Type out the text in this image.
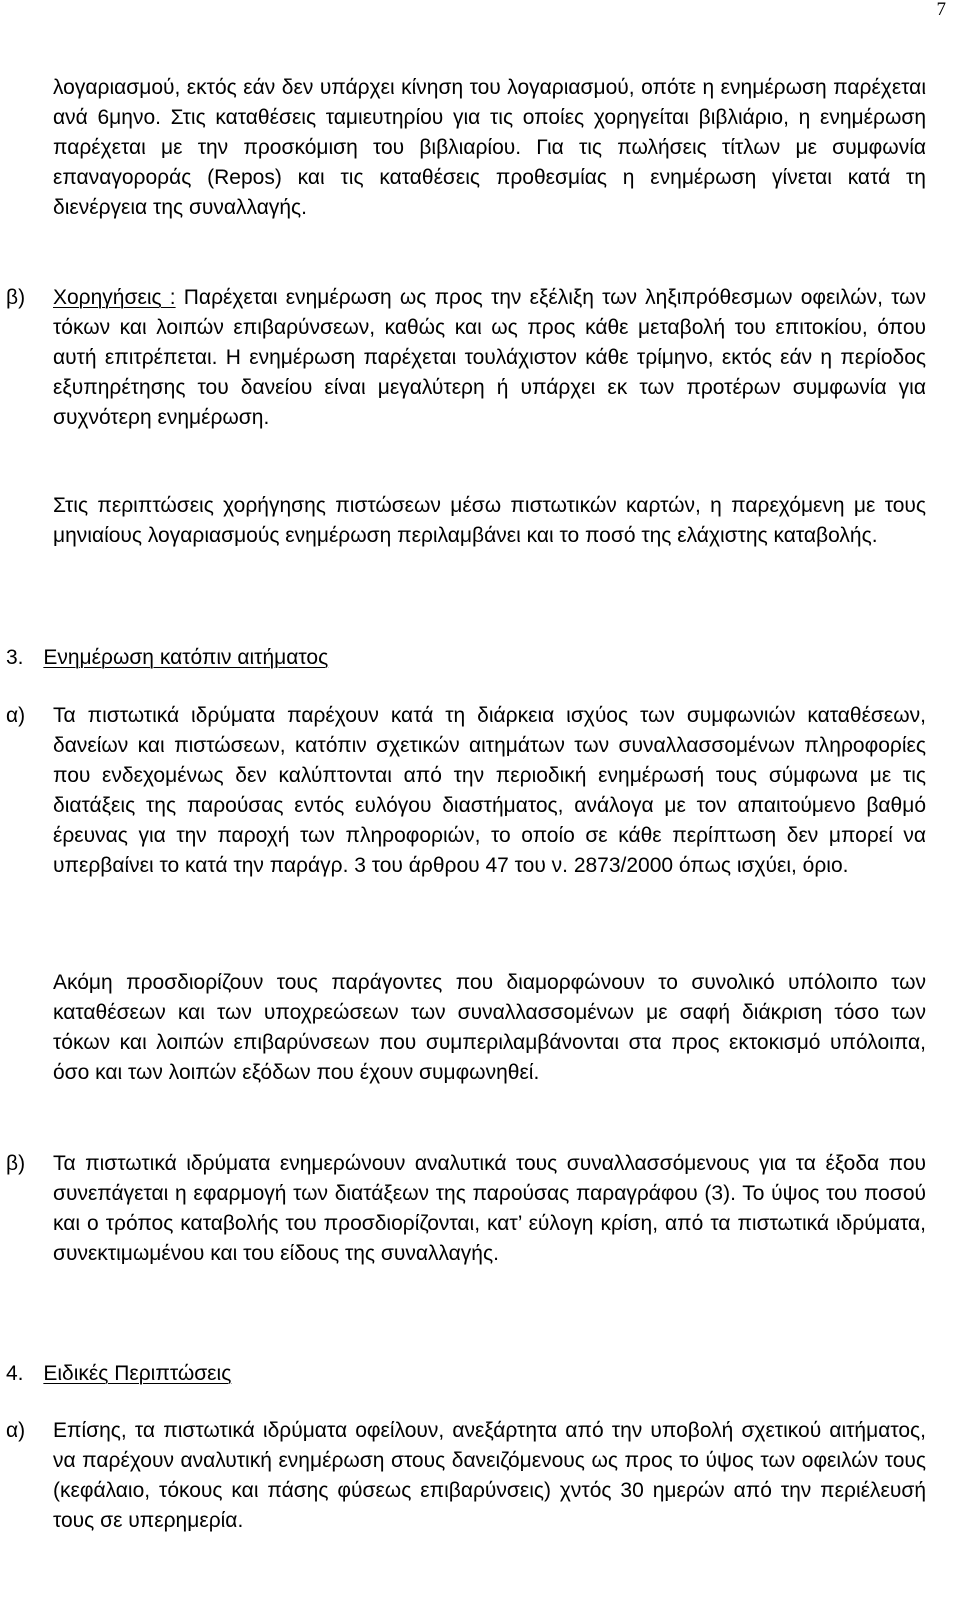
7

λογαριασμού, εκτός εάν δεν υπάρχει κίνηση του λογαριασμού, οπότε η ενημέρωση παρέχεται ανά 6μηνο. Στις καταθέσεις ταμιευτηρίου για τις οποίες χορηγείται βιβλιάριο, η ενημέρωση παρέχεται με την προσκόμιση του βιβλιαρίου. Για τις πωλήσεις τίτλων με συμφωνία επαναγοροράς (Repos) και τις καταθέσεις προθεσμίας η ενημέρωση γίνεται κατά τη διενέργεια της συναλλαγής.

β) Χορηγήσεις : Παρέχεται ενημέρωση ως προς την εξέλιξη των ληξιπρόθεσμων οφειλών, των τόκων και λοιπών επιβαρύνσεων, καθώς και ως προς κάθε μεταβολή του επιτοκίου, όπου αυτή επιτρέπεται. Η ενημέρωση παρέχεται τουλάχιστον κάθε τρίμηνο, εκτός εάν η περίοδος εξυπηρέτησης του δανείου είναι μεγαλύτερη ή υπάρχει εκ των προτέρων συμφωνία για συχνότερη ενημέρωση.

Στις περιπτώσεις χορήγησης πιστώσεων μέσω πιστωτικών καρτών, η παρεχόμενη με τους μηνιαίους λογαριασμούς ενημέρωση περιλαμβάνει και το ποσό της ελάχιστης καταβολής.

3. Ενημέρωση κατόπιν αιτήματος
α) Τα πιστωτικά ιδρύματα παρέχουν κατά τη διάρκεια ισχύος των συμφωνιών καταθέσεων, δανείων και πιστώσεων, κατόπιν σχετικών αιτημάτων των συναλλασσομένων πληροφορίες που ενδεχομένως δεν καλύπτονται από την περιοδική ενημέρωσή τους σύμφωνα με τις διατάξεις της παρούσας εντός ευλόγου διαστήματος, ανάλογα με τον απαιτούμενο βαθμό έρευνας για την παροχή των πληροφοριών, το οποίο σε κάθε περίπτωση δεν μπορεί να υπερβαίνει το κατά την παράγρ. 3 του άρθρου 47 του ν. 2873/2000 όπως ισχύει, όριο.

Ακόμη προσδιορίζουν τους παράγοντες που διαμορφώνουν το συνολικό υπόλοιπο των καταθέσεων και των υποχρεώσεων των συναλλασσομένων με σαφή διάκριση τόσο των τόκων και λοιπών επιβαρύνσεων που συμπεριλαμβάνονται στα προς εκτοκισμό υπόλοιπα, όσο και των λοιπών εξόδων που έχουν συμφωνηθεί.

β) Τα πιστωτικά ιδρύματα ενημερώνουν αναλυτικά τους συναλλασσόμενους για τα έξοδα που συνεπάγεται η εφαρμογή των διατάξεων της παρούσας παραγράφου (3). Το ύψος του ποσού και ο τρόπος καταβολής του προσδιορίζονται, κατ’ εύλογη κρίση, από τα πιστωτικά ιδρύματα, συνεκτιμωμένου και του είδους της συναλλαγής.

4. Ειδικές Περιπτώσεις
α) Επίσης, τα πιστωτικά ιδρύματα οφείλουν, ανεξάρτητα από την υποβολή σχετικού αιτήματος, να παρέχουν αναλυτική ενημέρωση στους δανειζόμενους ως προς το ύψος των οφειλών τους (κεφάλαιο, τόκους και πάσης φύσεως επιβαρύνσεις) χντός 30 ημερών από την περιέλευσή τους σε υπερημερία.
